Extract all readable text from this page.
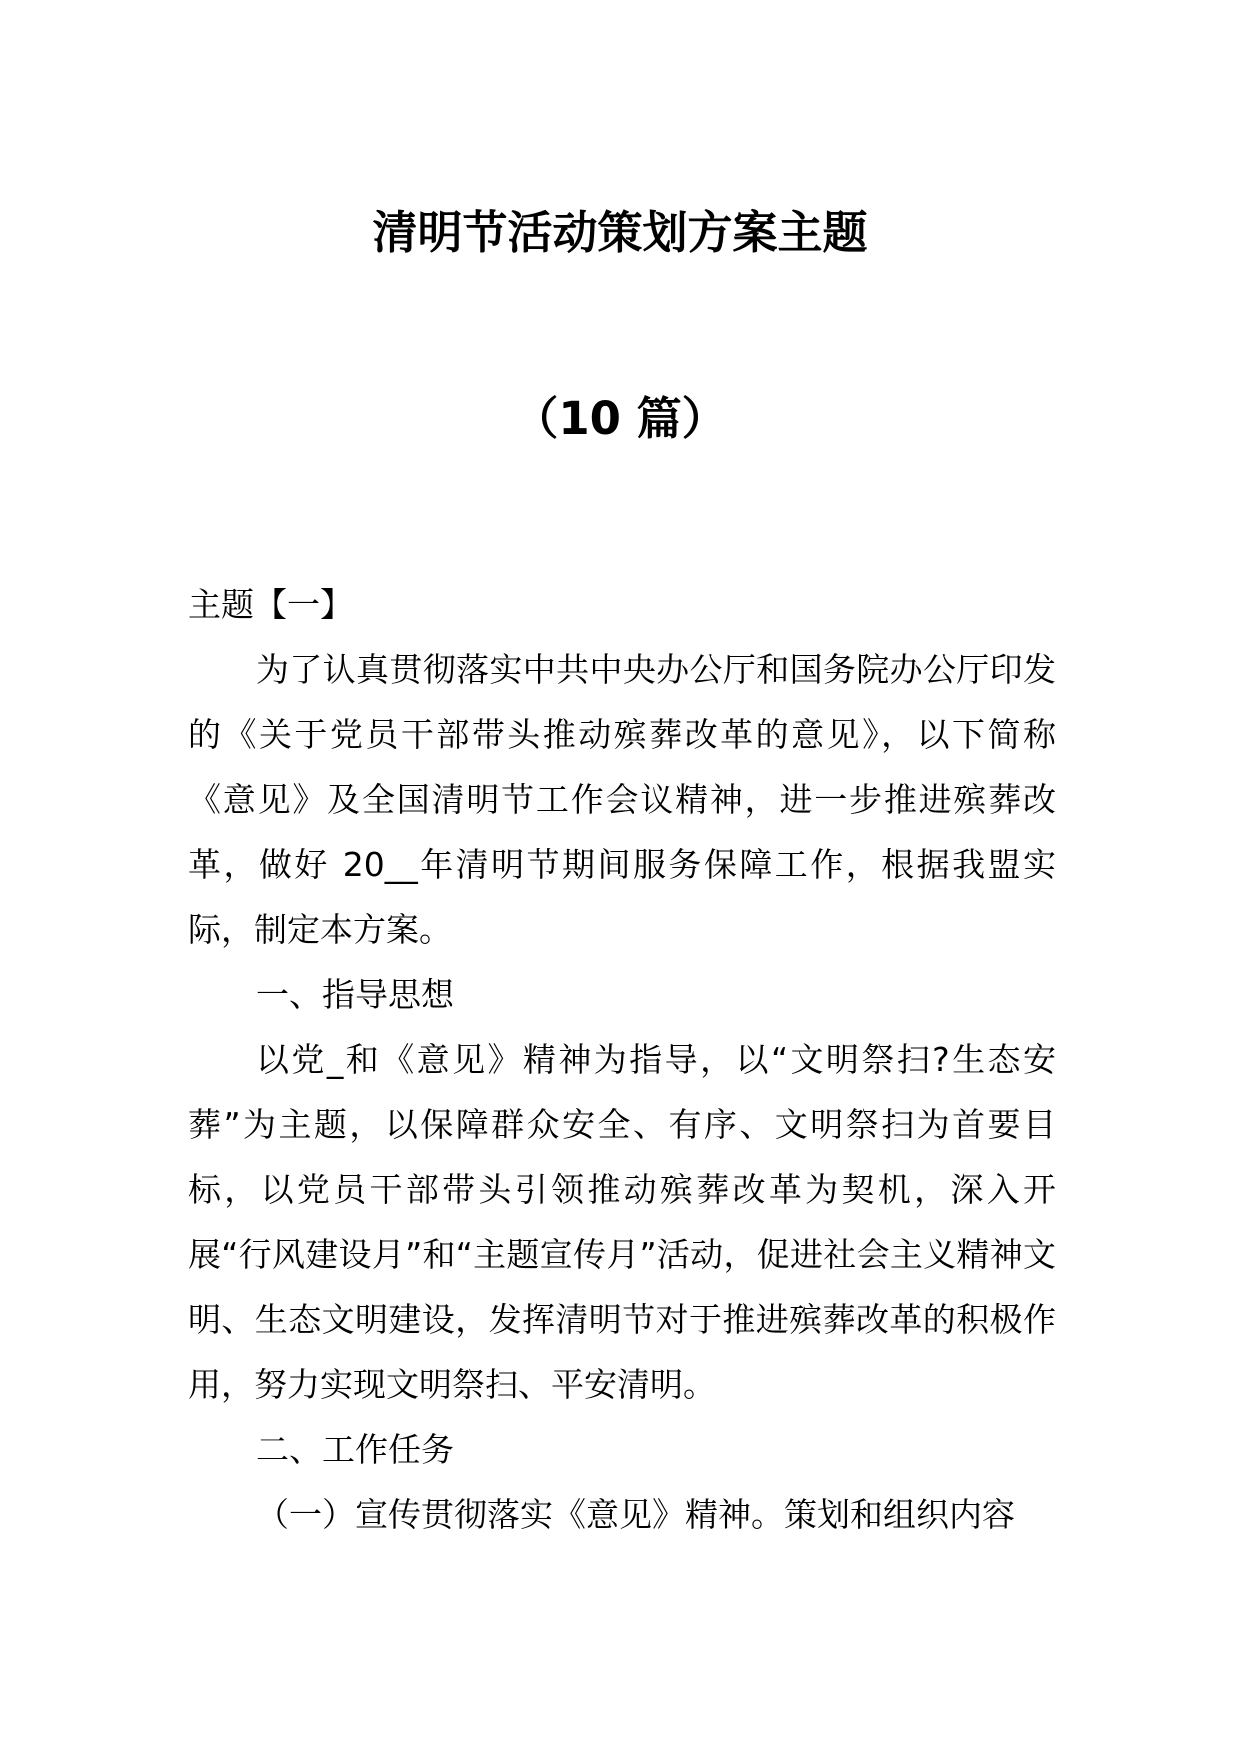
清明节活动策划方案主题
（10 篇）

主题【一】

为了认真贯彻落实中共中央办公厅和国务院办公厅印发的《关于党员干部带头推动殡葬改革的意见》，以下简称《意见》及全国清明节工作会议精神，进一步推进殡葬改革，做好 20__年清明节期间服务保障工作，根据我盟实际，制定本方案。

一、指导思想

以党_和《意见》精神为指导，以“文明祭扫?生态安葬”为主题，以保障群众安全、有序、文明祭扫为首要目标，以党员干部带头引领推动殡葬改革为契机，深入开展“行风建设月”和“主题宣传月”活动，促进社会主义精神文明、生态文明建设，发挥清明节对于推进殡葬改革的积极作用，努力实现文明祭扫、平安清明。

二、工作任务

（一）宣传贯彻落实《意见》精神。策划和组织内容
